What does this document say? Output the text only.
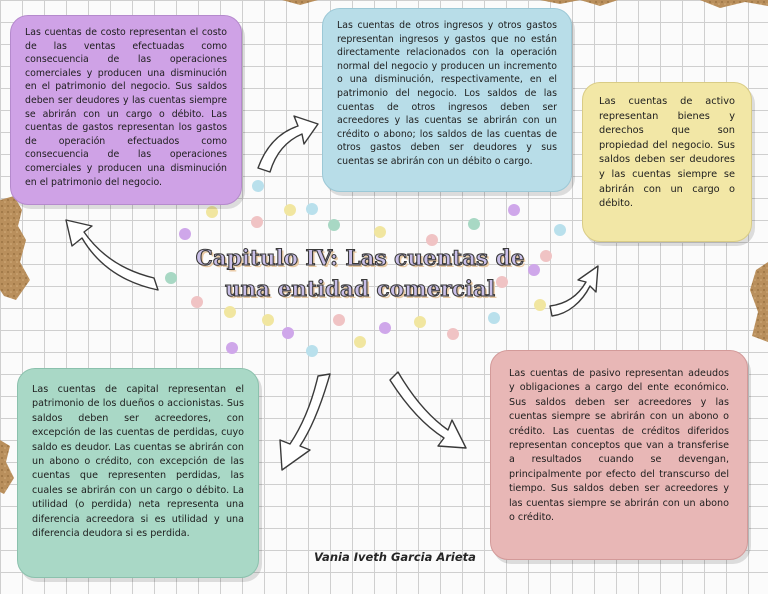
Las cuentas de costo representan el costo de las ventas efectuadas como consecuencia de las operaciones comerciales y producen una disminución en el patrimonio del negocio. Sus saldos deben ser deudores y las cuentas siempre se abrirán con un cargo o débito. Las cuentas de gastos representan los gastos de operación efectuados como consecuencia de las operaciones comerciales y producen una disminución en el patrimonio del negocio.

Las cuentas de otros ingresos y otros gastos representan ingresos y gastos que no están directamente relacionados con la operación normal del negocio y producen un incremento o una disminución, respectivamente, en el patrimonio del negocio. Los saldos de las cuentas de otros ingresos deben ser acreedores y las cuentas se abrirán con un crédito o abono; los saldos de las cuentas de otros gastos deben ser deudores y sus cuentas se abrirán con un débito o cargo.

Las cuentas de activo representan bienes y derechos que son propiedad del negocio. Sus saldos deben ser deudores y las cuentas siempre se abrirán con un cargo o débito.

Las cuentas de capital representan el patrimonio de los dueños o accionistas. Sus saldos deben ser acreedores, con excepción de las cuentas de perdidas, cuyo saldo es deudor. Las cuentas se abrirán con un abono o crédito, con excepción de las cuentas que representen perdidas, las cuales se abrirán con un cargo o débito. La utilidad (o perdida) neta representa una diferencia acreedora si es utilidad y una diferencia deudora si es perdida.

Las cuentas de pasivo representan adeudos y obligaciones a cargo del ente económico. Sus saldos deben ser acreedores y las cuentas siempre se abrirán con un abono o crédito. Las cuentas de créditos diferidos representan conceptos que van a transferise a resultados cuando se devengan, principalmente por efecto del transcurso del tiempo. Sus saldos deben ser acreedores y las cuentas siempre se abrirán con un abono o crédito.

Capitulo IV: Las cuentas de
una entidad comercial
Vania Iveth Garcia Arieta
